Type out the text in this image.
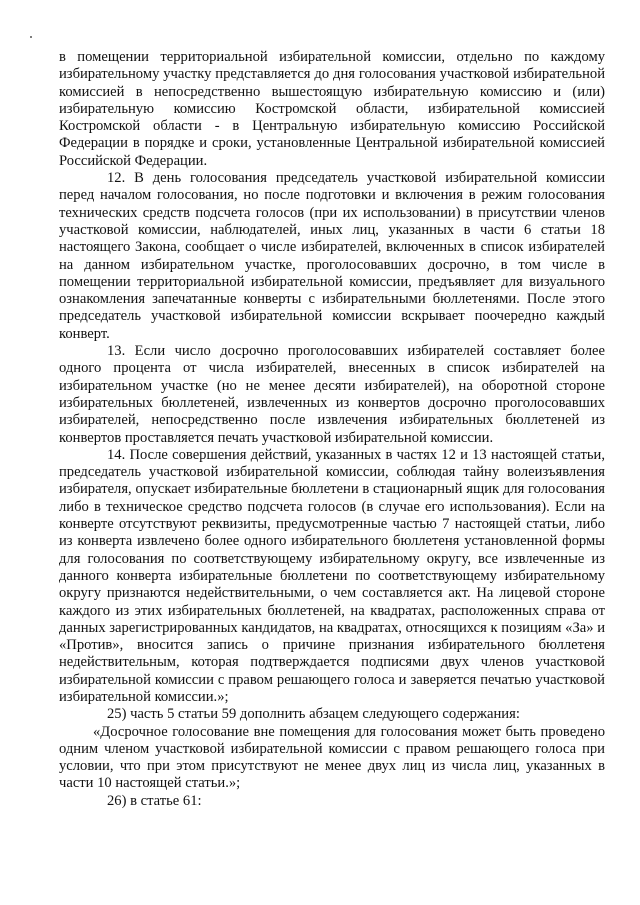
в помещении территориальной избирательной комиссии, отдельно по каждому избирательному участку представляется до дня голосования участковой избирательной комиссией в непосредственно вышестоящую избирательную комиссию и (или) избирательную комиссию Костромской области, избирательной комиссией Костромской области - в Центральную избирательную комиссию Российской Федерации в порядке и сроки, установленные Центральной избирательной комиссией Российской Федерации.

12. В день голосования председатель участковой избирательной комиссии перед началом голосования, но после подготовки и включения в режим голосования технических средств подсчета голосов (при их использовании) в присутствии членов участковой комиссии, наблюдателей, иных лиц, указанных в части 6 статьи 18 настоящего Закона, сообщает о числе избирателей, включенных в список избирателей на данном избирательном участке, проголосовавших досрочно, в том числе в помещении территориальной избирательной комиссии, предъявляет для визуального ознакомления запечатанные конверты с избирательными бюллетенями. После этого председатель участковой избирательной комиссии вскрывает поочередно каждый конверт.

13. Если число досрочно проголосовавших избирателей составляет более одного процента от числа избирателей, внесенных в список избирателей на избирательном участке (но не менее десяти избирателей), на оборотной стороне избирательных бюллетеней, извлеченных из конвертов досрочно проголосовавших избирателей, непосредственно после извлечения избирательных бюллетеней из конвертов проставляется печать участковой избирательной комиссии.

14. После совершения действий, указанных в частях 12 и 13 настоящей статьи, председатель участковой избирательной комиссии, соблюдая тайну волеизъявления избирателя, опускает избирательные бюллетени в стационарный ящик для голосования либо в техническое средство подсчета голосов (в случае его использования). Если на конверте отсутствуют реквизиты, предусмотренные частью 7 настоящей статьи, либо из конверта извлечено более одного избирательного бюллетеня установленной формы для голосования по соответствующему избирательному округу, все извлеченные из данного конверта избирательные бюллетени по соответствующему избирательному округу признаются недействительными, о чем составляется акт. На лицевой стороне каждого из этих избирательных бюллетеней, на квадратах, расположенных справа от данных зарегистрированных кандидатов, на квадратах, относящихся к позициям «За» и «Против», вносится запись о причине признания избирательного бюллетеня недействительным, которая подтверждается подписями двух членов участковой избирательной комиссии с правом решающего голоса и заверяется печатью участковой избирательной комиссии.»;

25) часть 5 статьи 59 дополнить абзацем следующего содержания:

«Досрочное голосование вне помещения для голосования может быть проведено одним членом участковой избирательной комиссии с правом решающего голоса при условии, что при этом присутствуют не менее двух лиц из числа лиц, указанных в части 10 настоящей статьи.»;

26) в статье 61:
